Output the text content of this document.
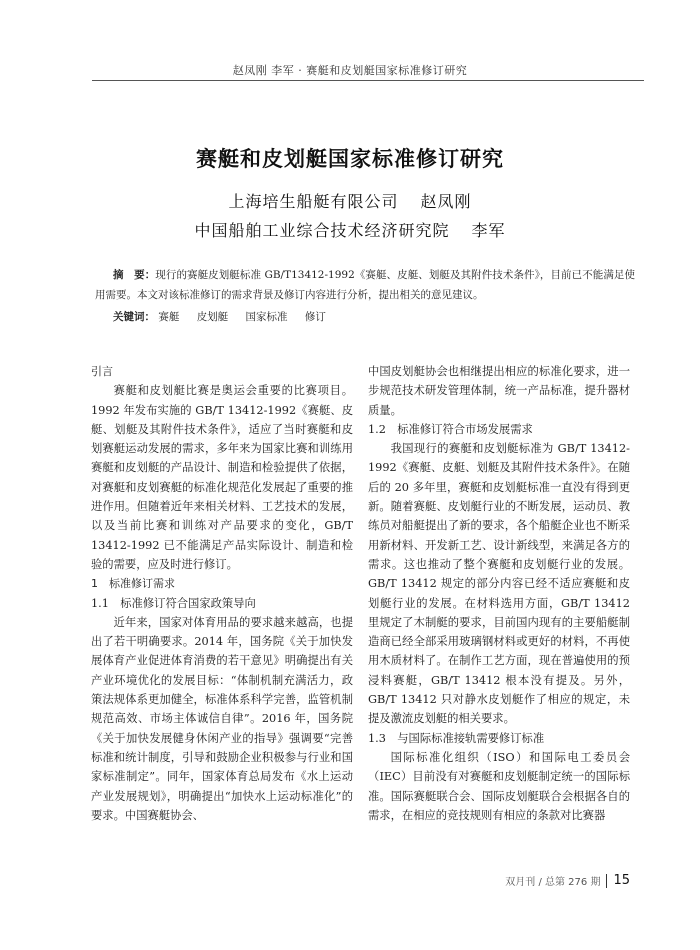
赵凤刚 李军 · 赛艇和皮划艇国家标准修订研究
赛艇和皮划艇国家标准修订研究
上海培生船艇有限公司 赵凤刚
中国船舶工业综合技术经济研究院 李军

摘　要：现行的赛艇皮划艇标准 GB/T13412-1992《赛艇、皮艇、划艇及其附件技术条件》，目前已不能满足使用需要。本文对该标准修订的需求背景及修订内容进行分析，提出相关的意见建议。

关键词： 赛艇 皮划艇 国家标准 修订

引言

赛艇和皮划艇比赛是奥运会重要的比赛项目。1992 年发布实施的 GB/T 13412-1992《赛艇、皮艇、划艇及其附件技术条件》，适应了当时赛艇和皮划赛艇运动发展的需求，多年来为国家比赛和训练用赛艇和皮划艇的产品设计、制造和检验提供了依据，对赛艇和皮划赛艇的标准化规范化发展起了重要的推进作用。但随着近年来相关材料、工艺技术的发展，以及当前比赛和训练对产品要求的变化，GB/T 13412-1992 已不能满足产品实际设计、制造和检验的需要，应及时进行修订。

1　标准修订需求

1.1　标准修订符合国家政策导向

近年来，国家对体育用品的要求越来越高，也提出了若干明确要求。2014 年，国务院《关于加快发展体育产业促进体育消费的若干意见》明确提出有关产业环境优化的发展目标：“体制机制充满活力，政策法规体系更加健全，标准体系科学完善，监管机制规范高效、市场主体诚信自律”。2016 年，国务院《关于加快发展健身休闲产业的指导》强调要“完善标准和统计制度，引导和鼓励企业积极参与行业和国家标准制定”。同年，国家体育总局发布《水上运动产业发展规划》，明确提出“加快水上运动标准化”的要求。中国赛艇协会、

中国皮划艇协会也相继提出相应的标准化要求，进一步规范技术研发管理体制，统一产品标准，提升器材质量。

1.2　标准修订符合市场发展需求

我国现行的赛艇和皮划艇标准为 GB/T 13412-1992《赛艇、皮艇、划艇及其附件技术条件》。在随后的 20 多年里，赛艇和皮划艇标准一直没有得到更新。随着赛艇、皮划艇行业的不断发展，运动员、教练员对船艇提出了新的要求，各个船艇企业也不断采用新材料、开发新工艺、设计新线型，来满足各方的需求。这也推动了整个赛艇和皮划艇行业的发展。GB/T 13412 规定的部分内容已经不适应赛艇和皮划艇行业的发展。在材料选用方面，GB/T 13412 里规定了木制艇的要求，目前国内现有的主要船艇制造商已经全部采用玻璃钢材料或更好的材料，不再使用木质材料了。在制作工艺方面，现在普遍使用的预浸料赛艇，GB/T 13412 根本没有提及。另外，GB/T 13412 只对静水皮划艇作了相应的规定，未提及激流皮划艇的相关要求。

1.3　与国际标准接轨需要修订标准

国际标准化组织（ISO）和国际电工委员会（IEC）目前没有对赛艇和皮划艇制定统一的国际标准。国际赛艇联合会、国际皮划艇联合会根据各自的需求，在相应的竞技规则有相应的条款对比赛器

双月刊 / 总第 276 期 15
